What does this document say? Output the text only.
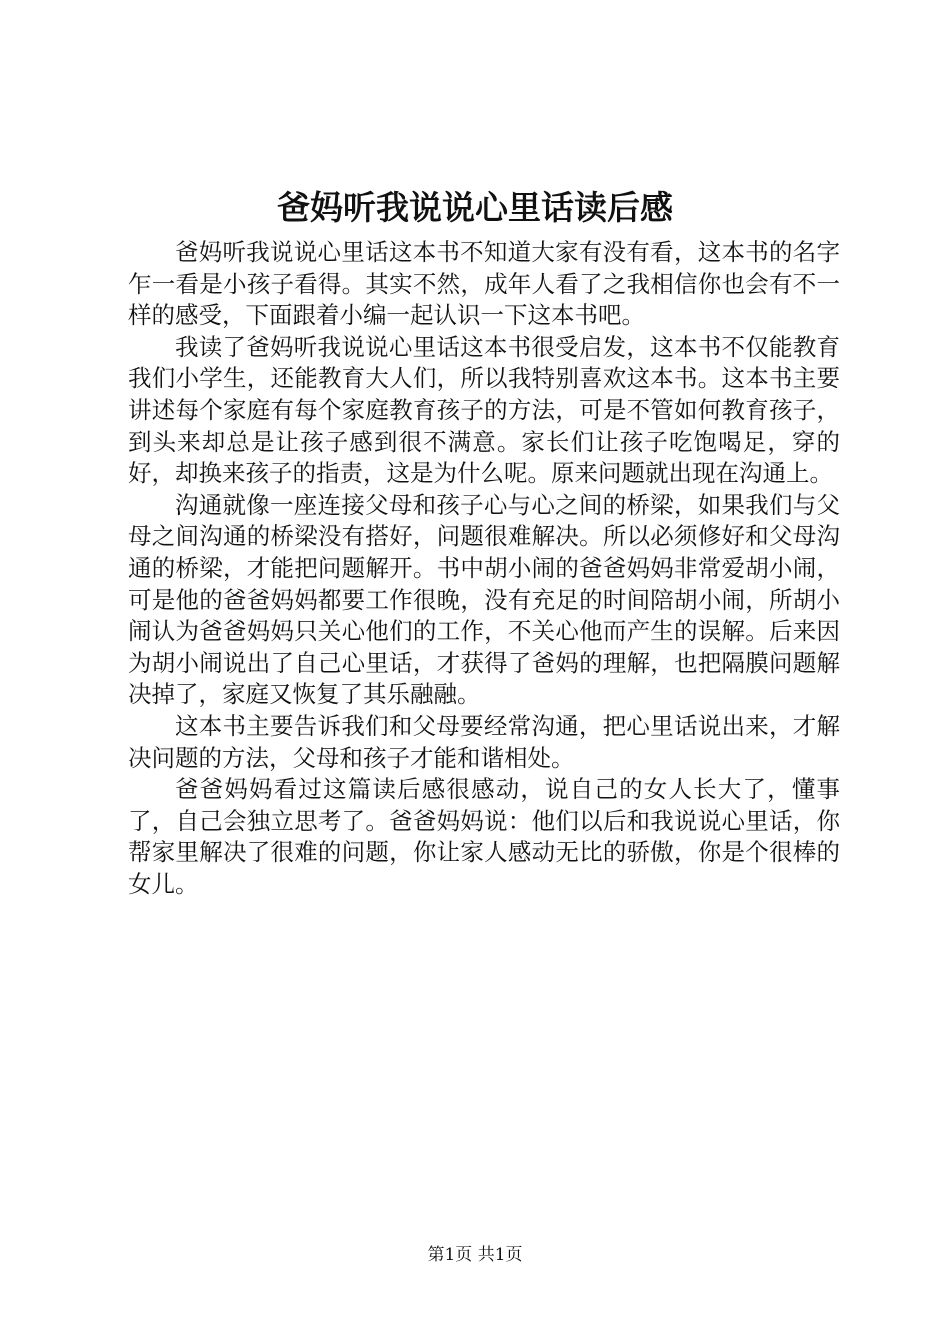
爸妈听我说说心里话读后感

爸妈听我说说心里话这本书不知道大家有没有看，这本书的名字乍一看是小孩子看得。其实不然，成年人看了之我相信你也会有不一样的感受，下面跟着小编一起认识一下这本书吧。

我读了爸妈听我说说心里话这本书很受启发，这本书不仅能教育我们小学生，还能教育大人们，所以我特别喜欢这本书。这本书主要讲述每个家庭有每个家庭教育孩子的方法，可是不管如何教育孩子，到头来却总是让孩子感到很不满意。家长们让孩子吃饱喝足，穿的好，却换来孩子的指责，这是为什么呢。原来问题就出现在沟通上。

沟通就像一座连接父母和孩子心与心之间的桥梁，如果我们与父母之间沟通的桥梁没有搭好，问题很难解决。所以必须修好和父母沟通的桥梁，才能把问题解开。书中胡小闹的爸爸妈妈非常爱胡小闹，可是他的爸爸妈妈都要工作很晚，没有充足的时间陪胡小闹，所胡小闹认为爸爸妈妈只关心他们的工作，不关心他而产生的误解。后来因为胡小闹说出了自己心里话，才获得了爸妈的理解，也把隔膜问题解决掉了，家庭又恢复了其乐融融。

这本书主要告诉我们和父母要经常沟通，把心里话说出来，才解决问题的方法，父母和孩子才能和谐相处。

爸爸妈妈看过这篇读后感很感动，说自己的女人长大了，懂事了，自己会独立思考了。爸爸妈妈说：他们以后和我说说心里话，你帮家里解决了很难的问题，你让家人感动无比的骄傲，你是个很棒的女儿。

第1页 共1页
